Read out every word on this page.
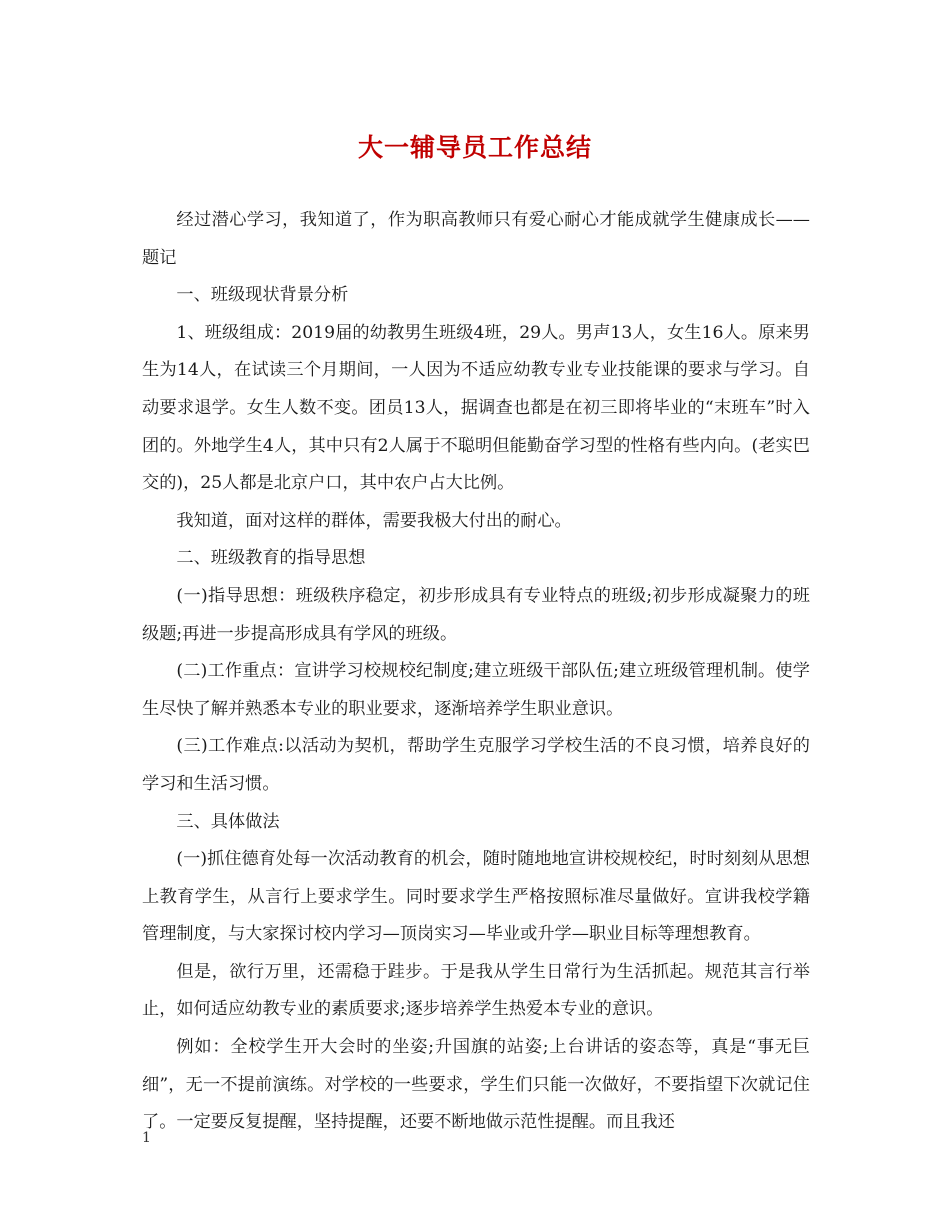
大一辅导员工作总结

经过潜心学习，我知道了，作为职高教师只有爱心耐心才能成就学生健康成长——题记

一、班级现状背景分析

1、班级组成：2019届的幼教男生班级4班，29人。男声13人，女生16人。原来男生为14人，在试读三个月期间，一人因为不适应幼教专业专业技能课的要求与学习。自动要求退学。女生人数不变。团员13人，据调查也都是在初三即将毕业的“末班车”时入团的。外地学生4人，其中只有2人属于不聪明但能勤奋学习型的性格有些内向。(老实巴交的)，25人都是北京户口，其中农户占大比例。

我知道，面对这样的群体，需要我极大付出的耐心。

二、班级教育的指导思想

(一)指导思想：班级秩序稳定，初步形成具有专业特点的班级;初步形成凝聚力的班级题;再进一步提高形成具有学风的班级。

(二)工作重点：宣讲学习校规校纪制度;建立班级干部队伍;建立班级管理机制。使学生尽快了解并熟悉本专业的职业要求，逐渐培养学生职业意识。

(三)工作难点:以活动为契机，帮助学生克服学习学校生活的不良习惯，培养良好的学习和生活习惯。

三、具体做法

(一)抓住德育处每一次活动教育的机会，随时随地地宣讲校规校纪，时时刻刻从思想上教育学生，从言行上要求学生。同时要求学生严格按照标准尽量做好。宣讲我校学籍管理制度，与大家探讨校内学习—顶岗实习—毕业或升学—职业目标等理想教育。

但是，欲行万里，还需稳于跬步。于是我从学生日常行为生活抓起。规范其言行举止，如何适应幼教专业的素质要求;逐步培养学生热爱本专业的意识。

例如：全校学生开大会时的坐姿;升国旗的站姿;上台讲话的姿态等，真是“事无巨细”，无一不提前演练。对学校的一些要求，学生们只能一次做好，不要指望下次就记住了。一定要反复提醒，坚持提醒，还要不断地做示范性提醒。而且我还

1
